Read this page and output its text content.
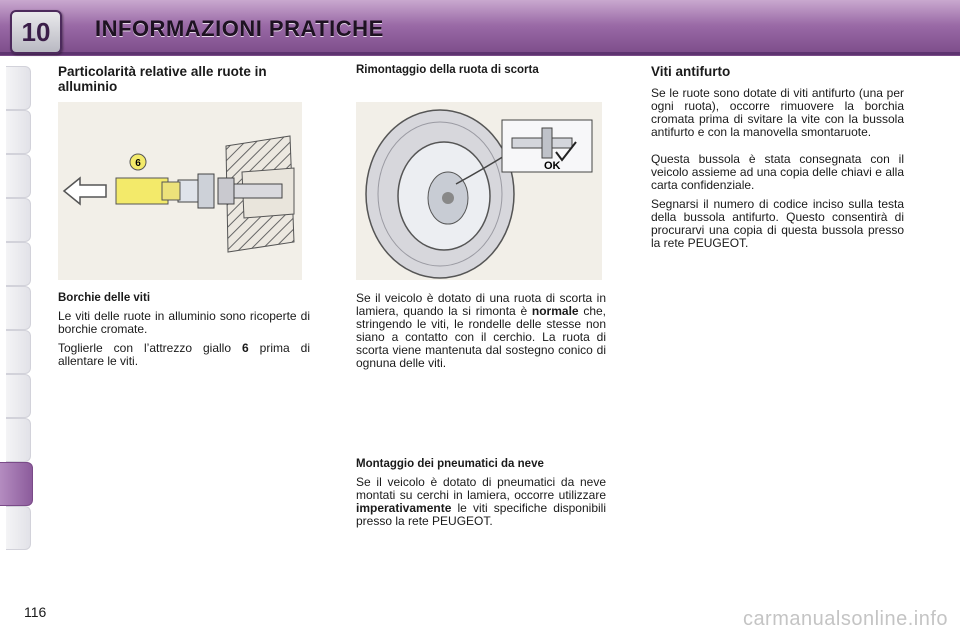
10	INFORMAZIONI PRATICHE
Particolarità relative alle ruote in alluminio
6
Borchie delle viti

Le viti delle ruote in alluminio sono ricoperte di borchie cromate.

Toglierle con l’attrezzo giallo 6 prima di allentare le viti.

Rimontaggio della ruota di scorta
OK

Se il veicolo è dotato di una ruota di scorta in lamiera, quando la si rimonta è normale che, stringendo le viti, le rondelle delle stesse non siano a contatto con il cerchio. La ruota di scorta viene mantenuta dal sostegno conico di ognuna delle viti.

Montaggio dei pneumatici da neve

Se il veicolo è dotato di pneumatici da neve montati su cerchi in lamiera, occorre utilizzare imperativamente le viti specifiche disponibili presso la rete PEUGEOT.

Viti antifurto

Se le ruote sono dotate di viti antifurto (una per ogni ruota), occorre rimuovere la borchia cromata prima di svitare la vite con la bussola antifurto e con la manovella smontaruote.

Questa bussola è stata consegnata con il veicolo assieme ad una copia delle chiavi e alla carta confidenziale.

Segnarsi il numero di codice inciso sulla testa della bussola antifurto. Questo consentirà di procurarvi una copia di questa bussola presso la rete PEUGEOT.

116	carmanualsonline.info
